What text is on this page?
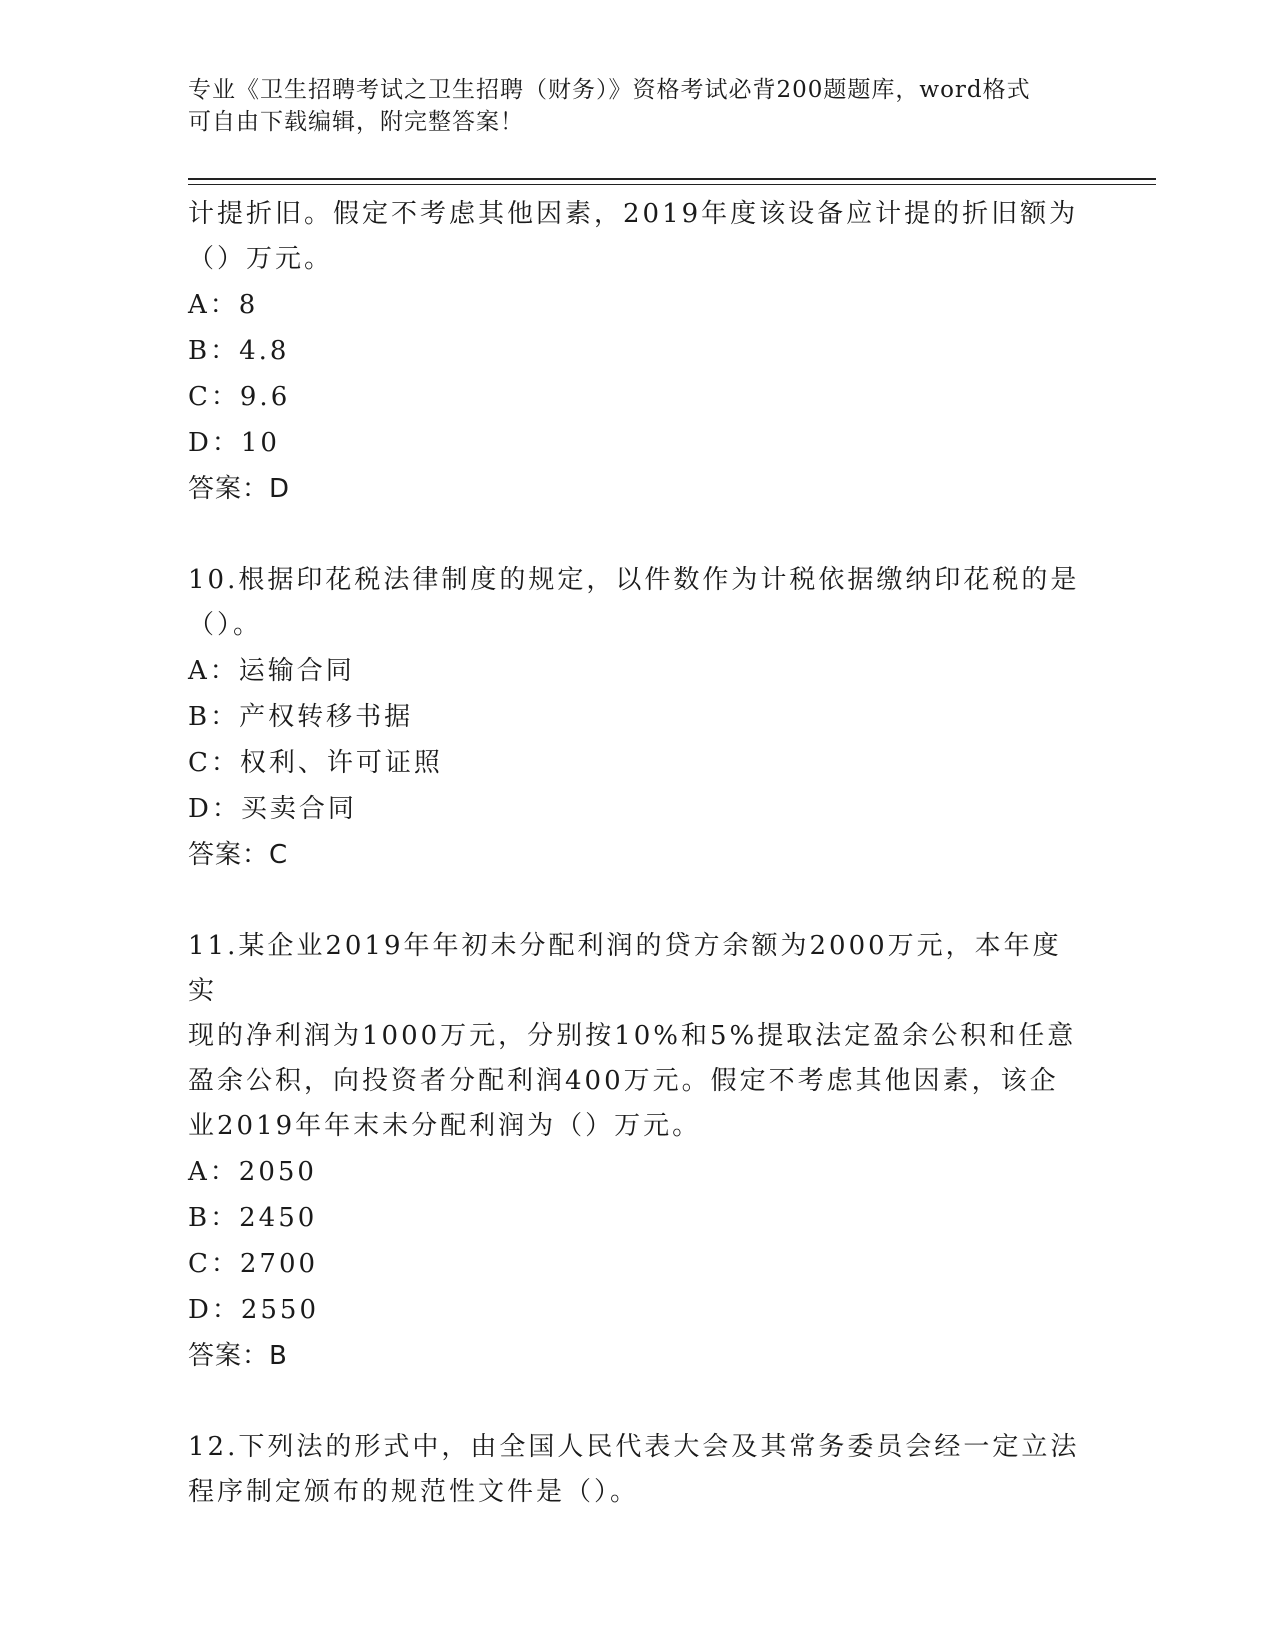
专业《卫生招聘考试之卫生招聘（财务）》资格考试必背200题题库，word格式
可自由下载编辑，附完整答案！
计提折旧。假定不考虑其他因素，2019年度该设备应计提的折旧额为
（）万元。
A：8
B：4.8
C：9.6
D：10
答案：D
10.根据印花税法律制度的规定，以件数作为计税依据缴纳印花税的是
（）。
A：运输合同
B：产权转移书据
C：权利、许可证照
D：买卖合同
答案：C
11.某企业2019年年初未分配利润的贷方余额为2000万元，本年度实
现的净利润为1000万元，分别按10%和5%提取法定盈余公积和任意
盈余公积，向投资者分配利润400万元。假定不考虑其他因素，该企
业2019年年末未分配利润为（）万元。
A：2050
B：2450
C：2700
D：2550
答案：B
12.下列法的形式中，由全国人民代表大会及其常务委员会经一定立法
程序制定颁布的规范性文件是（）。
